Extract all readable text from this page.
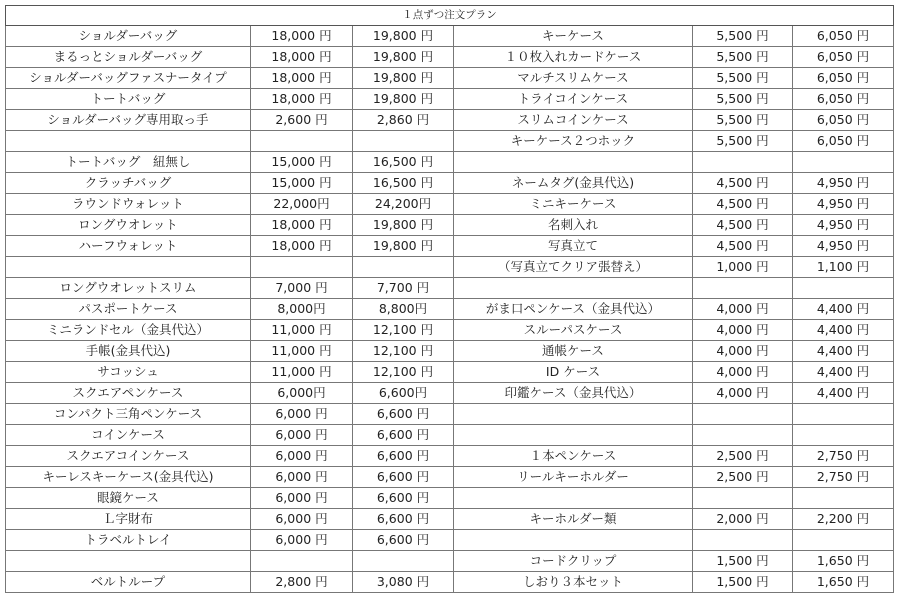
１点ずつ注文プラン					
ショルダーバッグ	18,000 円	19,800 円	キーケース	5,500 円	6,050 円
まるっとショルダーバッグ	18,000 円	19,800 円	１０枚入れカードケース	5,500 円	6,050 円
ショルダーバッグファスナータイプ	18,000 円	19,800 円	マルチスリムケース	5,500 円	6,050 円
トートバッグ	18,000 円	19,800 円	トライコインケース	5,500 円	6,050 円
ショルダーバッグ専用取っ手	2,600 円	2,860 円	スリムコインケース	5,500 円	6,050 円
			キーケース２つホック	5,500 円	6,050 円
トートバッグ　紐無し	15,000 円	16,500 円			
クラッチバッグ	15,000 円	16,500 円	ネームタグ(金具代込)	4,500 円	4,950 円
ラウンドウォレット	22,000円	24,200円	ミニキーケース	4,500 円	4,950 円
ロングウオレット	18,000 円	19,800 円	名刺入れ	4,500 円	4,950 円
ハーフウォレット	18,000 円	19,800 円	写真立て	4,500 円	4,950 円
			（写真立てクリア張替え）	1,000 円	1,100 円
ロングウオレットスリム	7,000 円	7,700 円			
パスポートケース	8,000円	8,800円	がま口ペンケース（金具代込）	4,000 円	4,400 円
ミニランドセル（金具代込）	11,000 円	12,100 円	スルーパスケース	4,000 円	4,400 円
手帳(金具代込)	11,000 円	12,100 円	通帳ケース	4,000 円	4,400 円
サコッシュ	11,000 円	12,100 円	ID ケース	4,000 円	4,400 円
スクエアペンケース	6,000円	6,600円	印鑑ケース（金具代込）	4,000 円	4,400 円
コンパクト三角ペンケース	6,000 円	6,600 円			
コインケース	6,000 円	6,600 円			
スクエアコインケース	6,000 円	6,600 円	１本ペンケース	2,500 円	2,750 円
キーレスキーケース(金具代込)	6,000 円	6,600 円	リールキーホルダー	2,500 円	2,750 円
眼鏡ケース	6,000 円	6,600 円			
Ｌ字財布	6,000 円	6,600 円	キーホルダー類	2,000 円	2,200 円
トラベルトレイ	6,000 円	6,600 円			
			コードクリップ	1,500 円	1,650 円
ベルトループ	2,800 円	3,080 円	しおり３本セット	1,500 円	1,650 円
